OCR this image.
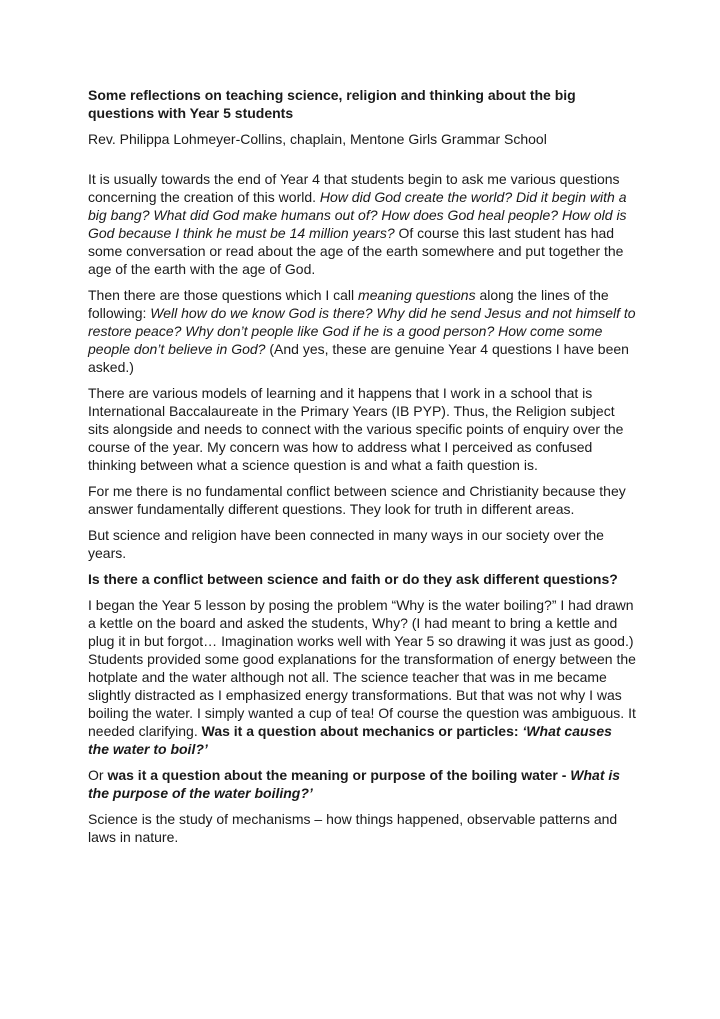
Some reflections on teaching science, religion and thinking about the big questions with Year 5 students

Rev. Philippa Lohmeyer-Collins, chaplain, Mentone Girls Grammar School

It is usually towards the end of Year 4 that students begin to ask me various questions concerning the creation of this world. How did God create the world? Did it begin with a big bang? What did God make humans out of? How does God heal people? How old is God because I think he must be 14 million years? Of course this last student has had some conversation or read about the age of the earth somewhere and put together the age of the earth with the age of God.

Then there are those questions which I call meaning questions along the lines of the following: Well how do we know God is there? Why did he send Jesus and not himself to restore peace? Why don’t people like God if he is a good person? How come some people don’t believe in God? (And yes, these are genuine Year 4 questions I have been asked.)

There are various models of learning and it happens that I work in a school that is International Baccalaureate in the Primary Years (IB PYP). Thus, the Religion subject sits alongside and needs to connect with the various specific points of enquiry over the course of the year. My concern was how to address what I perceived as confused thinking between what a science question is and what a faith question is.

For me there is no fundamental conflict between science and Christianity because they answer fundamentally different questions. They look for truth in different areas.

But science and religion have been connected in many ways in our society over the years.

Is there a conflict between science and faith or do they ask different questions?

I began the Year 5 lesson by posing the problem “Why is the water boiling?” I had drawn a kettle on the board and asked the students, Why? (I had meant to bring a kettle and plug it in but forgot… Imagination works well with Year 5 so drawing it was just as good.) Students provided some good explanations for the transformation of energy between the hotplate and the water although not all. The science teacher that was in me became slightly distracted as I emphasized energy transformations. But that was not why I was boiling the water. I simply wanted a cup of tea! Of course the question was ambiguous. It needed clarifying. Was it a question about mechanics or particles: ‘What causes the water to boil?’

Or was it a question about the meaning or purpose of the boiling water - What is the purpose of the water boiling?’

Science is the study of mechanisms – how things happened, observable patterns and laws in nature.
